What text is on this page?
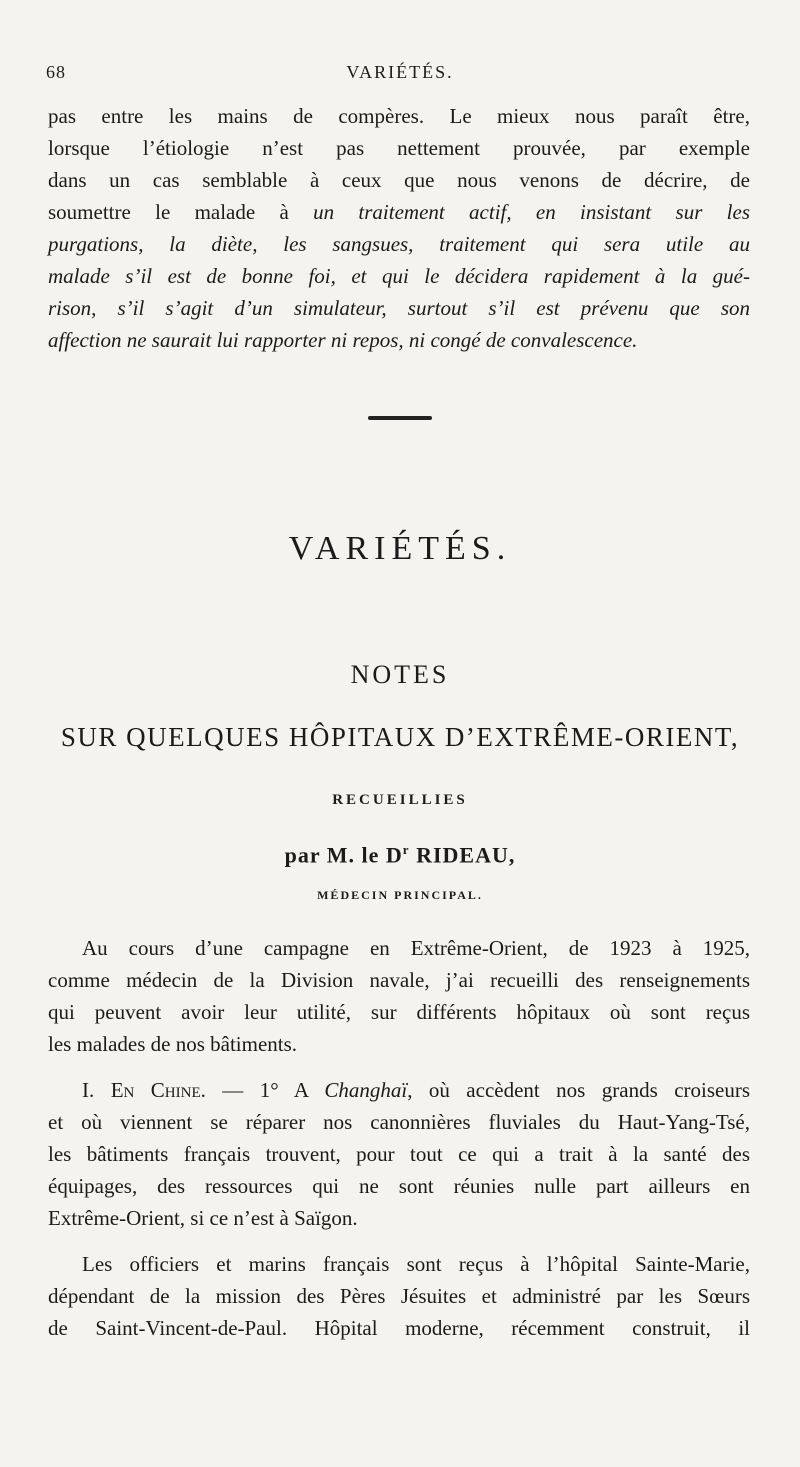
68	VARIÉTÉS.

pas entre les mains de compères. Le mieux nous paraît être,

lorsque l’étiologie n’est pas nettement prouvée, par exemple

dans un cas semblable à ceux que nous venons de décrire, de

soumettre le malade à un traitement actif, en insistant sur les

purgations, la diète, les sangsues, traitement qui sera utile au

malade s’il est de bonne foi, et qui le décidera rapidement à la gué-

rison, s’il s’agit d’un simulateur, surtout s’il est prévenu que son

affection ne saurait lui rapporter ni repos, ni congé de convalescence.

VARIÉTÉS.
NOTES
SUR QUELQUES HÔPITAUX D’EXTRÊME-ORIENT,
RECUEILLIES
par M. le $D^r$ RIDEAU,
MÉDECIN PRINCIPAL.

Au cours d’une campagne en Extrême-Orient, de 1923 à 1925,

comme médecin de la Division navale, j’ai recueilli des renseignements

qui peuvent avoir leur utilité, sur différents hôpitaux où sont reçus

les malades de nos bâtiments.

I. En Chine. — 1° A Changhaï, où accèdent nos grands croiseurs

et où viennent se réparer nos canonnières fluviales du Haut-Yang-Tsé,

les bâtiments français trouvent, pour tout ce qui a trait à la santé des

équipages, des ressources qui ne sont réunies nulle part ailleurs en

Extrême-Orient, si ce n’est à Saïgon.

Les officiers et marins français sont reçus à l’hôpital Sainte-Marie,

dépendant de la mission des Pères Jésuites et administré par les Sœurs

de Saint-Vincent-de-Paul. Hôpital moderne, récemment construit, il
